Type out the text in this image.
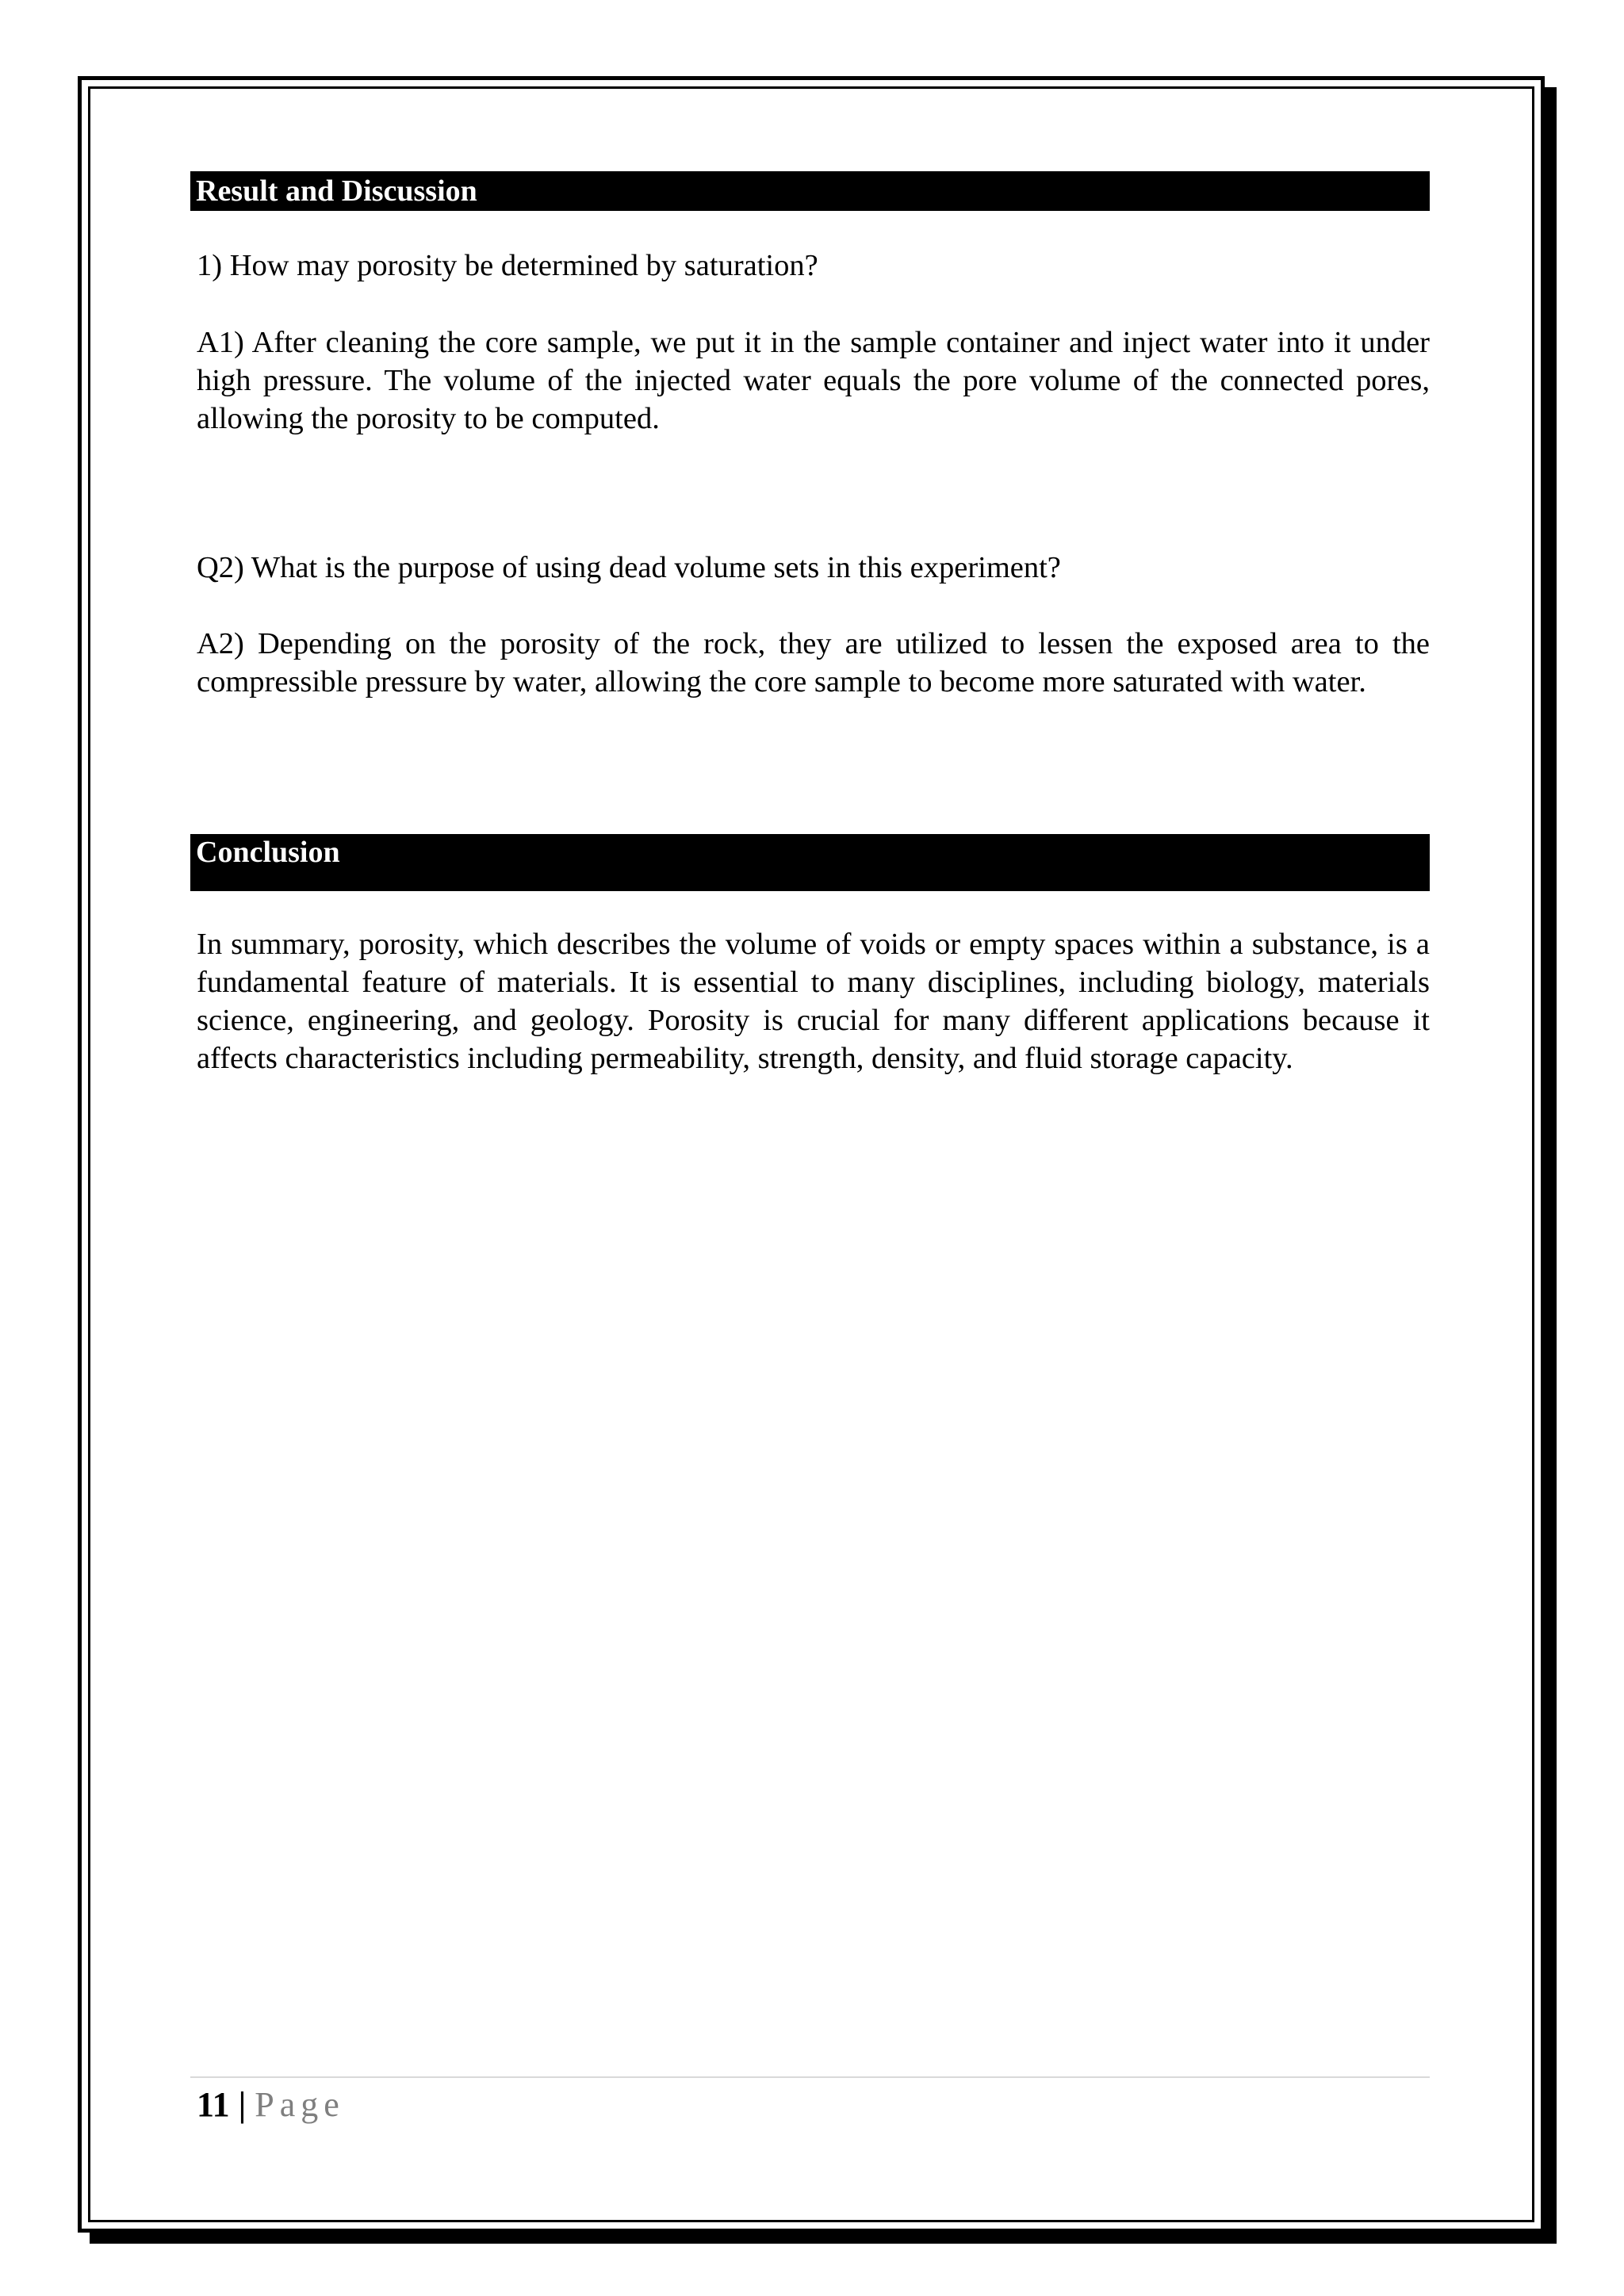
Result and Discussion

1) How may porosity be determined by saturation?

A1) After cleaning the core sample, we put it in the sample container and inject water into it under high pressure. The volume of the injected water equals the pore volume of the connected pores, allowing the porosity to be computed.

Q2) What is the purpose of using dead volume sets in this experiment?

A2) Depending on the porosity of the rock, they are utilized to lessen the exposed area to the compressible pressure by water, allowing the core sample to become more saturated with water.

Conclusion

In summary, porosity, which describes the volume of voids or empty spaces within a substance, is a fundamental feature of materials. It is essential to many disciplines, including biology, materials science, engineering, and geology. Porosity is crucial for many different applications because it affects characteristics including permeability, strength, density, and fluid storage capacity.

11 | Page
